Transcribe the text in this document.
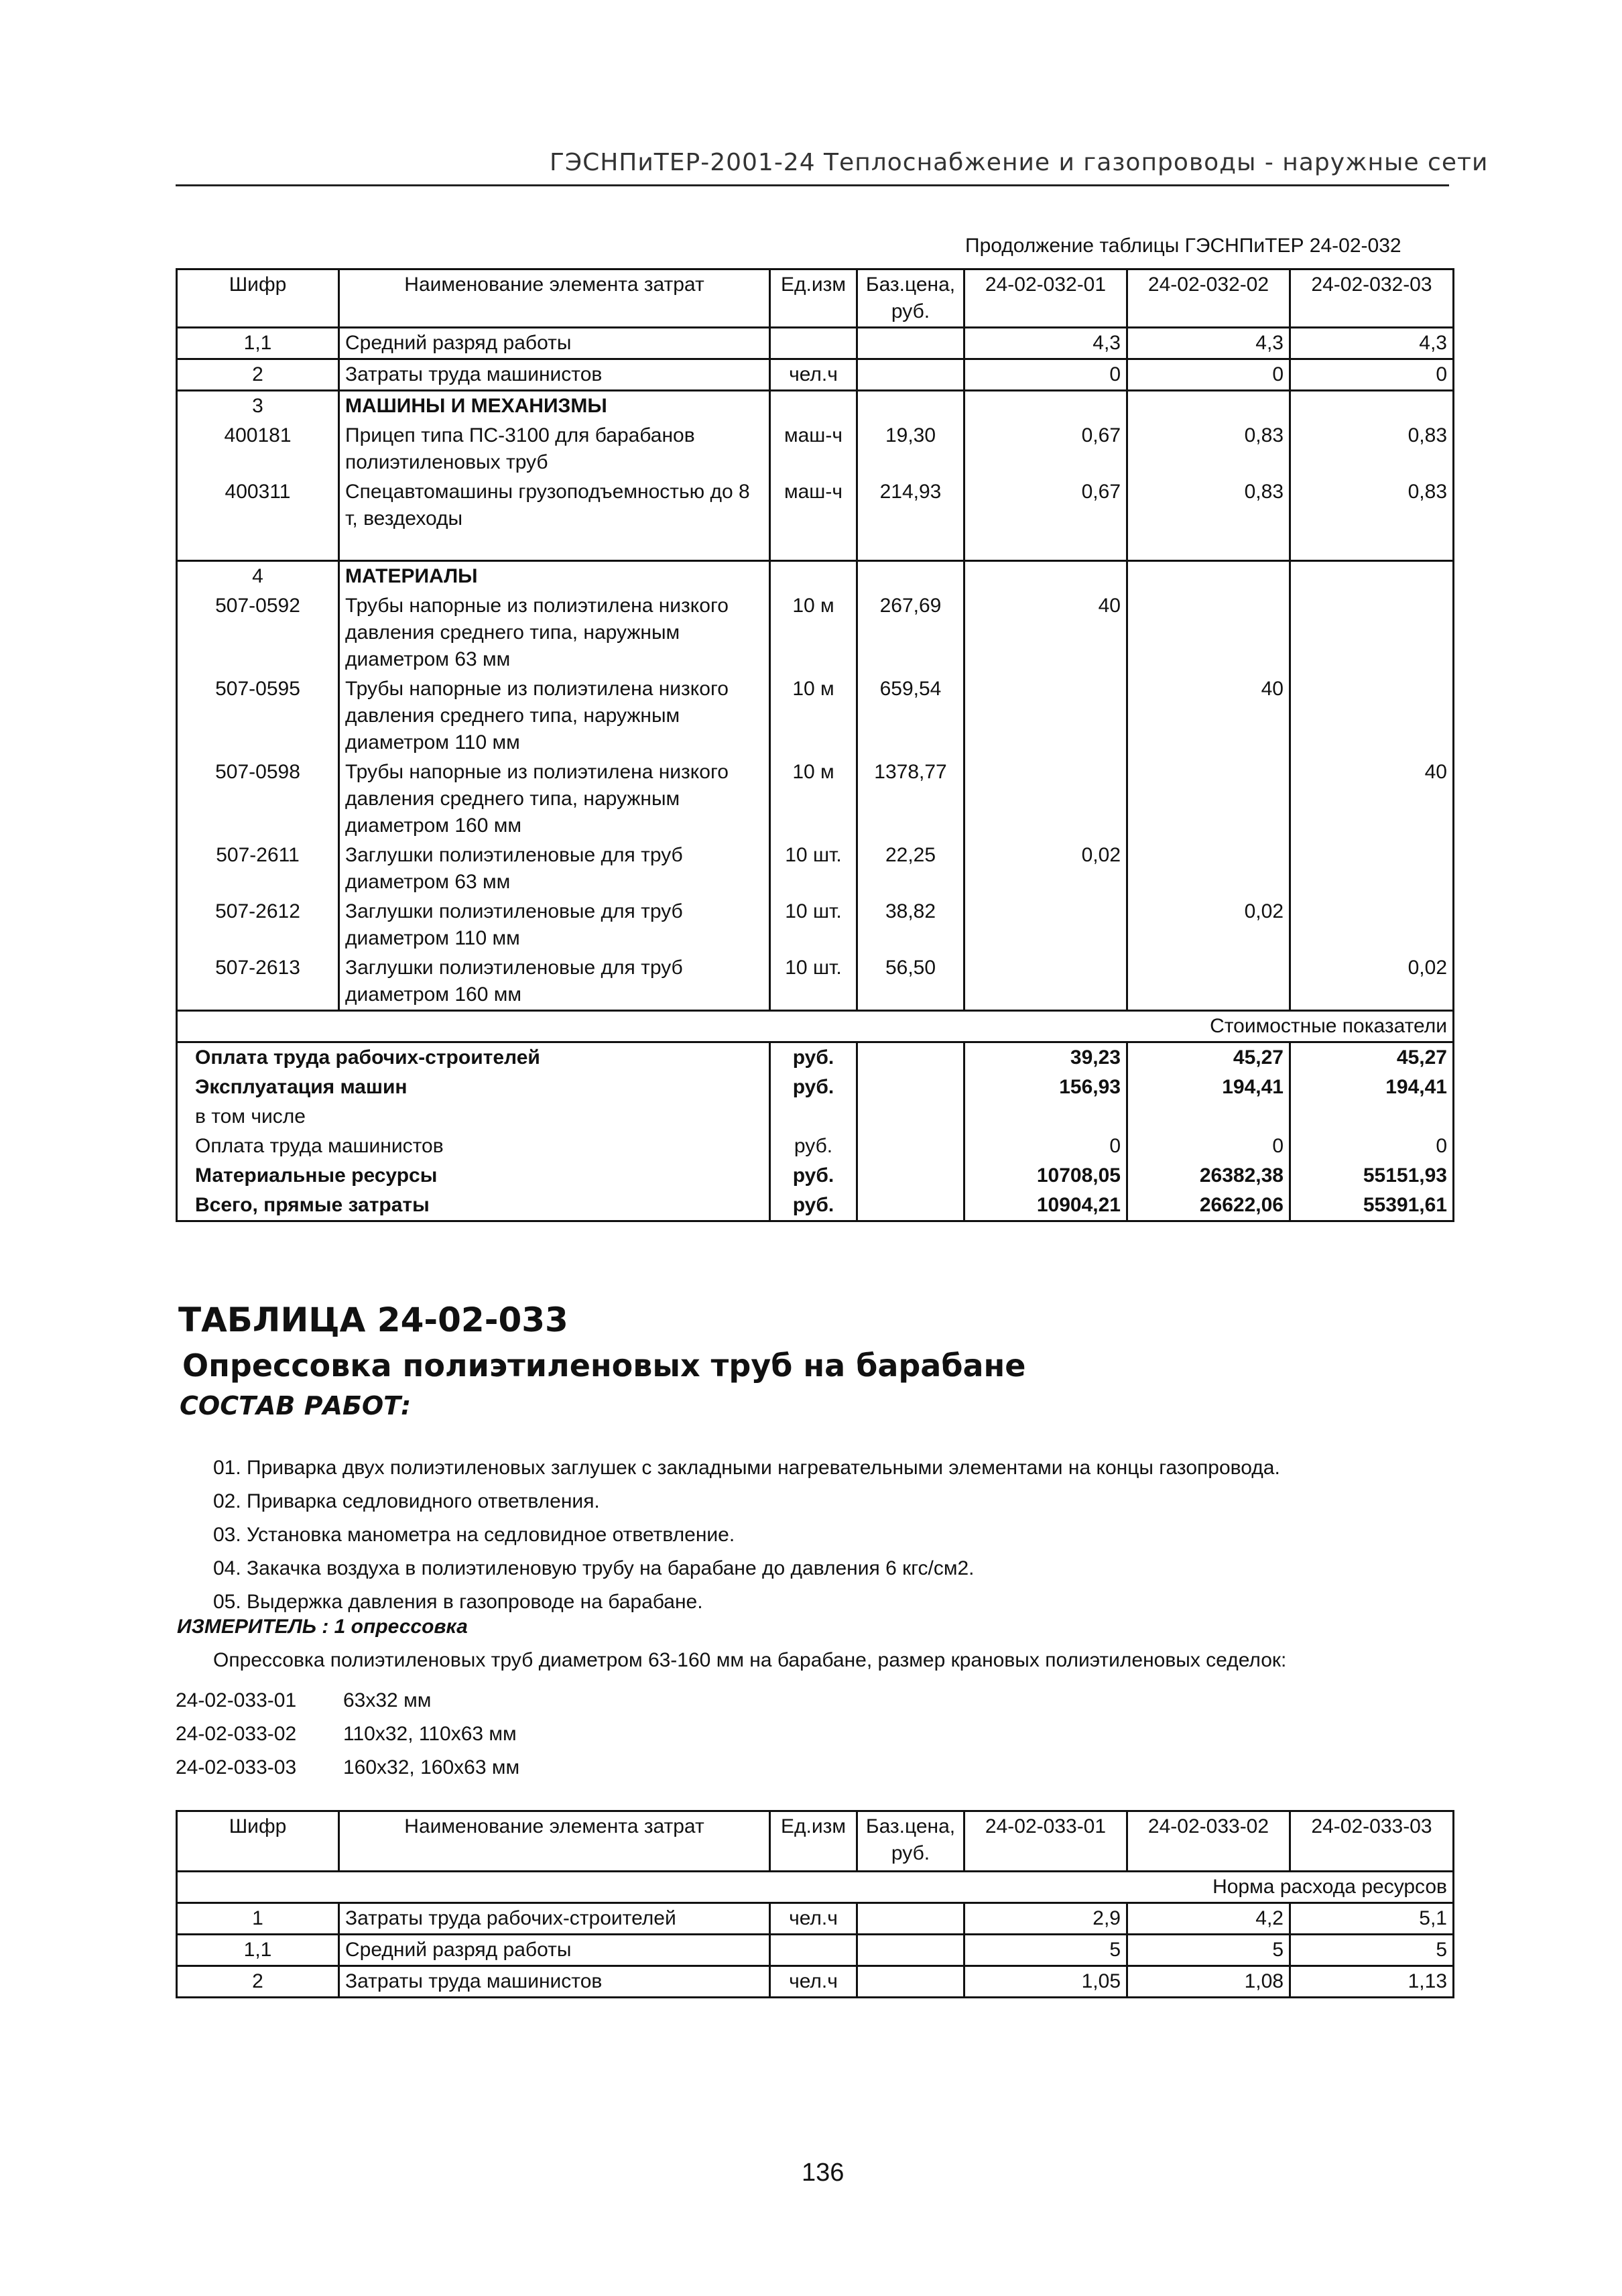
ГЭСНПиТЕР-2001-24 Теплоснабжение и газопроводы - наружные сети
Продолжение таблицы ГЭСНПиТЕР 24-02-032
Шифр	Наименование элемента затрат	Ед.изм	Баз.цена, руб.	24-02-032-01	24-02-032-02	24-02-032-03
1,1	Средний разряд работы			4,3	4,3	4,3
2	Затраты труда машинистов	чел.ч		0	0	0
3	МАШИНЫ И МЕХАНИЗМЫ					
400181	Прицеп типа ПС-3100 для барабанов полиэтиленовых труб	маш-ч	19,30	0,67	0,83	0,83
400311	Спецавтомашины грузоподъемностью до 8 т, вездеходы	маш-ч	214,93	0,67	0,83	0,83
4	МАТЕРИАЛЫ					
507-0592	Трубы напорные из полиэтилена низкого давления среднего типа, наружным диаметром 63 мм	10 м	267,69	40		
507-0595	Трубы напорные из полиэтилена низкого давления среднего типа, наружным диаметром 110 мм	10 м	659,54		40	
507-0598	Трубы напорные из полиэтилена низкого давления среднего типа, наружным диаметром 160 мм	10 м	1378,77			40
507-2611	Заглушки полиэтиленовые для труб диаметром 63 мм	10 шт.	22,25	0,02		
507-2612	Заглушки полиэтиленовые для труб диаметром 110 мм	10 шт.	38,82		0,02	
507-2613	Заглушки полиэтиленовые для труб диаметром 160 мм	10 шт.	56,50			0,02
Стоимостные показатели						
Оплата труда рабочих-строителей		руб.		39,23	45,27	45,27
Эксплуатация машин		руб.		156,93	194,41	194,41
в том числе						
Оплата труда машинистов		руб.		0	0	0
Материальные ресурсы		руб.		10708,05	26382,38	55151,93
Всего, прямые затраты		руб.		10904,21	26622,06	55391,61
ТАБЛИЦА 24-02-033
Опрессовка полиэтиленовых труб на барабане
СОСТАВ РАБОТ:
01. Приварка двух полиэтиленовых заглушек с закладными нагревательными элементами на концы газопровода.
02. Приварка седловидного ответвления.
03. Установка манометра на седловидное ответвление.
04. Закачка воздуха в полиэтиленовую трубу на барабане до давления 6 кгс/см2.
05. Выдержка давления в газопроводе на барабане.
ИЗМЕРИТЕЛЬ : 1 опрессовка
Опрессовка полиэтиленовых труб диаметром 63-160 мм на барабане, размер крановых полиэтиленовых седелок:
24-02-033-01 63х32 мм
24-02-033-02 110х32, 110х63 мм
24-02-033-03 160х32, 160х63 мм
Шифр	Наименование элемента затрат	Ед.изм	Баз.цена, руб.	24-02-033-01	24-02-033-02	24-02-033-03
Норма расхода ресурсов						
1	Затраты труда рабочих-строителей	чел.ч		2,9	4,2	5,1
1,1	Средний разряд работы			5	5	5
2	Затраты труда машинистов	чел.ч		1,05	1,08	1,13
136
